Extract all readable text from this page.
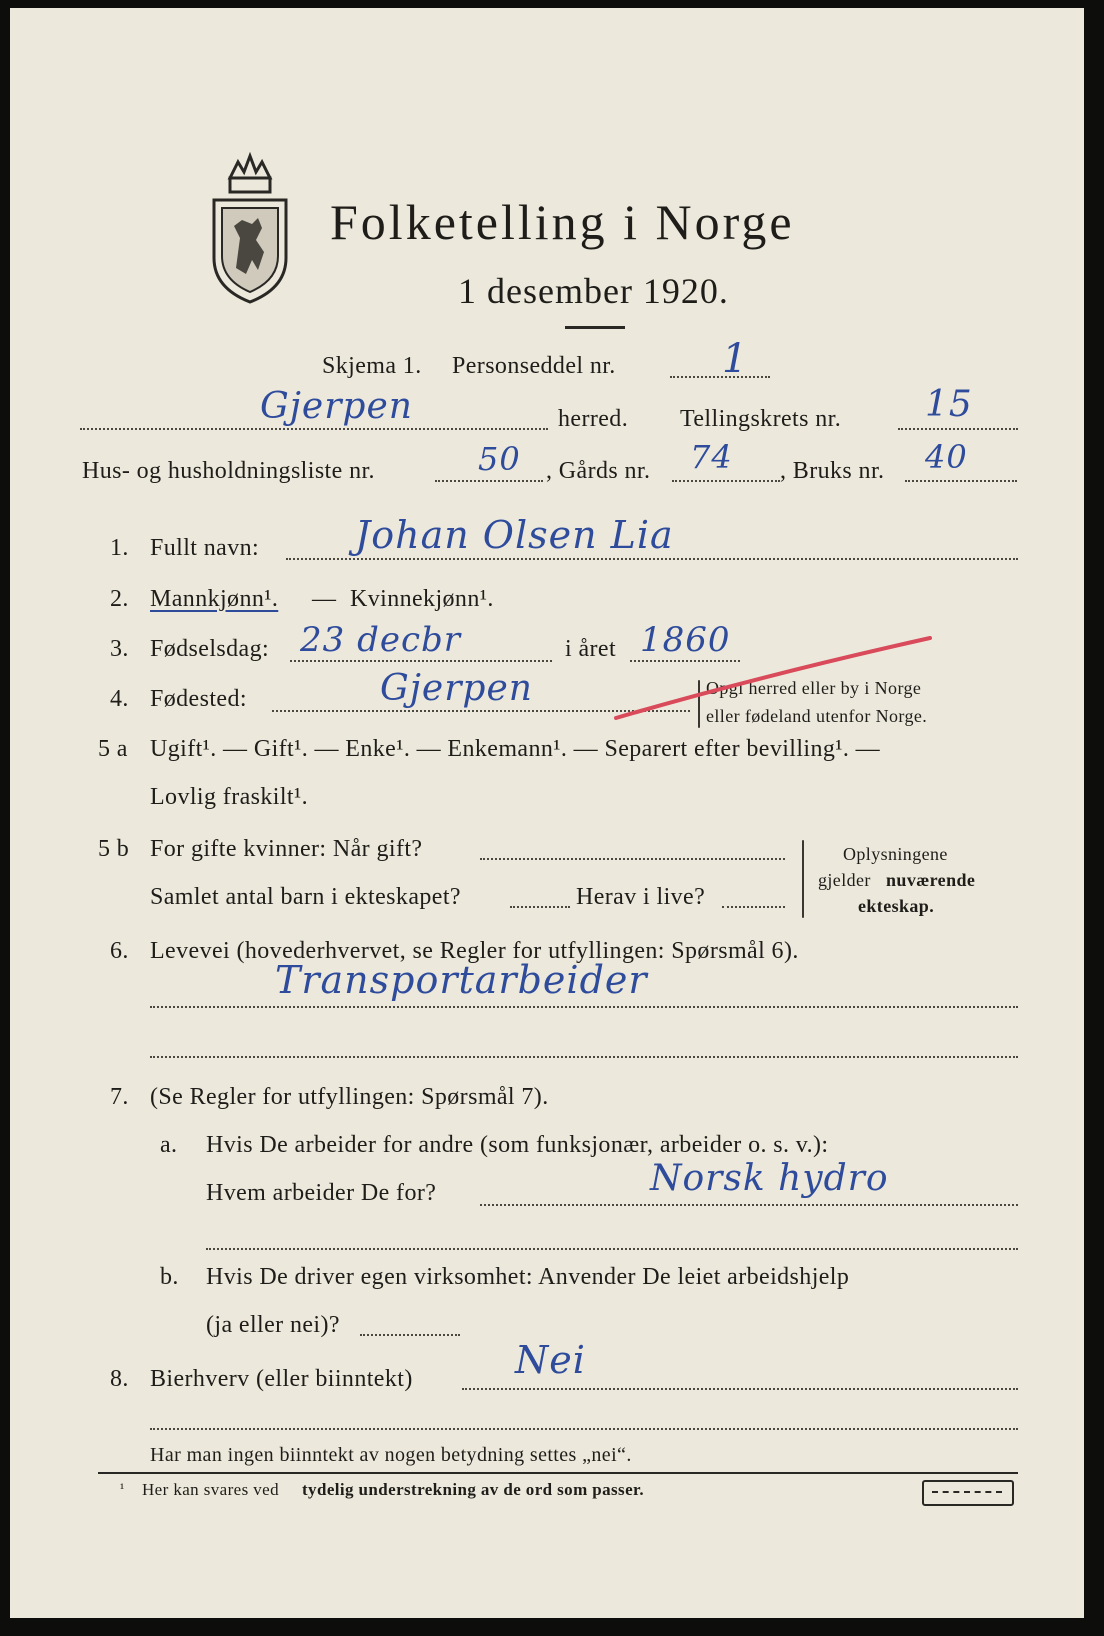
Folketelling i Norge
1 desember 1920.
Skjema 1. Personseddel nr.	1
Gjerpen	herred. Tellingskrets nr. 15
Hus- og husholdningsliste nr.	50 , Gårds nr. 74 , Bruks nr. 40
1. Fullt navn:	Johan Olsen Lia
2. Mannkjønn¹. — Kvinnekjønn¹.
3. Fødselsdag: 23 decbr	i året 1860
4. Fødested:	Gjerpen	Opgi herred eller by i Norge
eller fødeland utenfor Norge.
5 a Ugift¹. — Gift¹. — Enke¹. — Enkemann¹. — Separert efter bevilling¹. —
Lovlig fraskilt¹.
5 b For gifte kvinner: Når gift?
Samlet antal barn i ekteskapet?	Herav i live?
Oplysningene
gjelder nuværende
ekteskap.
6. Levevei (hovederhvervet, se Regler for utfyllingen: Spørsmål 6).
Transportarbeider
7. (Se Regler for utfyllingen: Spørsmål 7).
a. Hvis De arbeider for andre (som funksjonær, arbeider o. s. v.):
Hvem arbeider De for?	Norsk hydro
b. Hvis De driver egen virksomhet: Anvender De leiet arbeidshjelp
(ja eller nei)?
8. Bierhverv (eller biinntekt)	Nei
Har man ingen biinntekt av nogen betydning settes „nei“.
¹ Her kan svares ved tydelig understrekning av de ord som passer.
